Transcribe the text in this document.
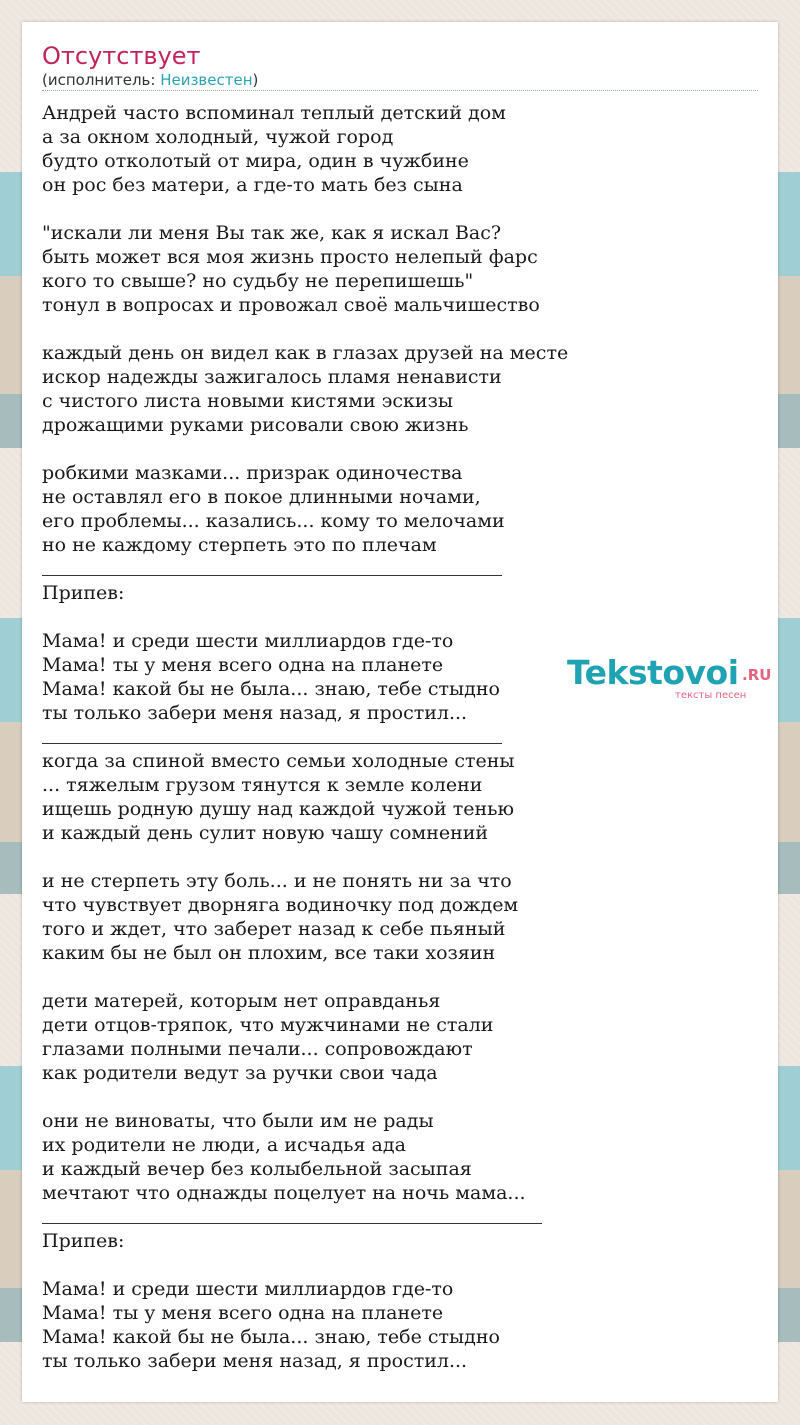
Отсутствует
(исполнитель: Неизвестен)
Андрей часто вспоминал теплый детский дом
а за окном холодный, чужой город
будто отколотый от мира, один в чужбине
он рос без матери, а где-то мать без сына
"искали ли меня Вы так же, как я искал Вас?
быть может вся моя жизнь просто нелепый фарс
кого то свыше? но судьбу не перепишешь"
тонул в вопросах и провожал своё мальчишество
каждый день он видел как в глазах друзей на месте
искор надежды зажигалось пламя ненависти
с чистого листа новыми кистями эскизы
дрожащими руками рисовали свою жизнь
робкими мазками... призрак одиночества
не оставлял его в покое длинными ночами,
его проблемы... казались... кому то мелочами
но не каждому стерпеть это по плечам
Припев:
Мама! и среди шести миллиардов где-то
Мама! ты у меня всего одна на планете
Мама! какой бы не была... знаю, тебе стыдно
ты только забери меня назад, я простил...
когда за спиной вместо семьи холодные стены
... тяжелым грузом тянутся к земле колени
ищешь родную душу над каждой чужой тенью
и каждый день сулит новую чашу сомнений
и не стерпеть эту боль... и не понять ни за что
что чувствует дворняга водиночку под дождем
того и ждет, что заберет назад к себе пьяный
каким бы не был он плохим, все таки хозяин
дети матерей, которым нет оправданья
дети отцов-тряпок, что мужчинами не стали
глазами полными печали... сопровождают
как родители ведут за ручки свои чада
они не виноваты, что были им не рады
их родители не люди, а исчадья ада
и каждый вечер без колыбельной засыпая
мечтают что однажды поцелует на ночь мама...
Припев:
Мама! и среди шести миллиардов где-то
Мама! ты у меня всего одна на планете
Мама! какой бы не была... знаю, тебе стыдно
ты только забери меня назад, я простил...
Tekstovoi .RU
тексты песен
